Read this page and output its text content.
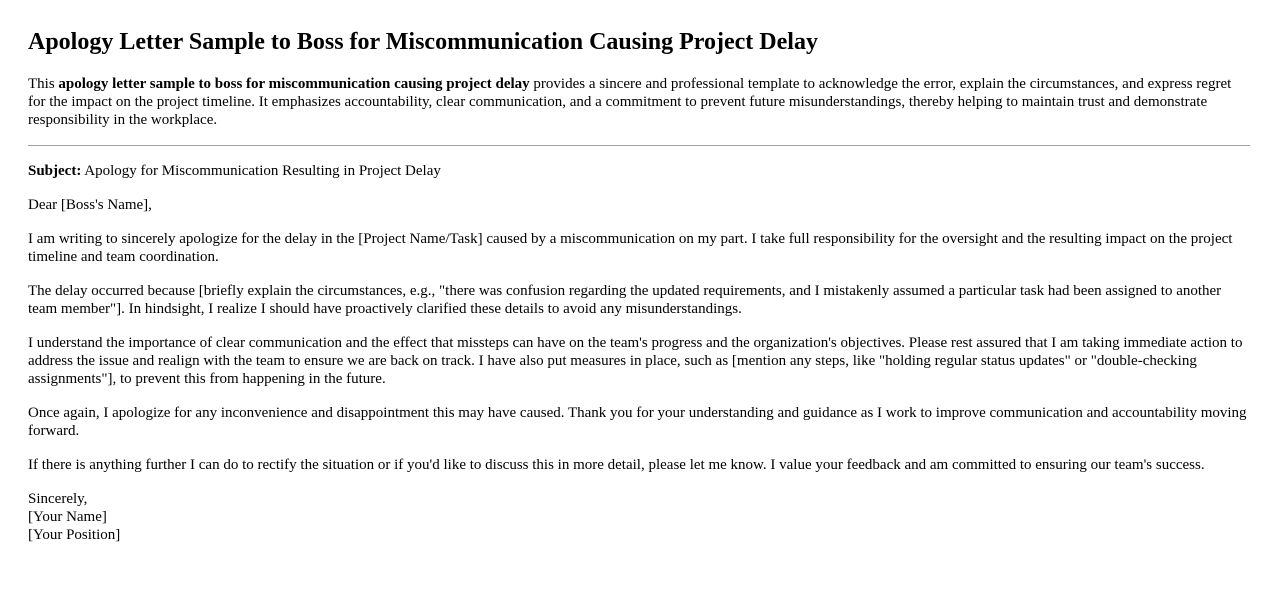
Apology Letter Sample to Boss for Miscommunication Causing Project Delay

This apology letter sample to boss for miscommunication causing project delay provides a sincere and professional template to acknowledge the error, explain the circumstances, and express regret for the impact on the project timeline. It emphasizes accountability, clear communication, and a commitment to prevent future misunderstandings, thereby helping to maintain trust and demonstrate responsibility in the workplace.

Subject: Apology for Miscommunication Resulting in Project Delay

Dear [Boss's Name],

I am writing to sincerely apologize for the delay in the [Project Name/Task] caused by a miscommunication on my part. I take full responsibility for the oversight and the resulting impact on the project timeline and team coordination.

The delay occurred because [briefly explain the circumstances, e.g., "there was confusion regarding the updated requirements, and I mistakenly assumed a particular task had been assigned to another team member"]. In hindsight, I realize I should have proactively clarified these details to avoid any misunderstandings.

I understand the importance of clear communication and the effect that missteps can have on the team's progress and the organization's objectives. Please rest assured that I am taking immediate action to address the issue and realign with the team to ensure we are back on track. I have also put measures in place, such as [mention any steps, like "holding regular status updates" or "double-checking assignments"], to prevent this from happening in the future.

Once again, I apologize for any inconvenience and disappointment this may have caused. Thank you for your understanding and guidance as I work to improve communication and accountability moving forward.

If there is anything further I can do to rectify the situation or if you'd like to discuss this in more detail, please let me know. I value your feedback and am committed to ensuring our team's success.

Sincerely,
[Your Name]
[Your Position]
